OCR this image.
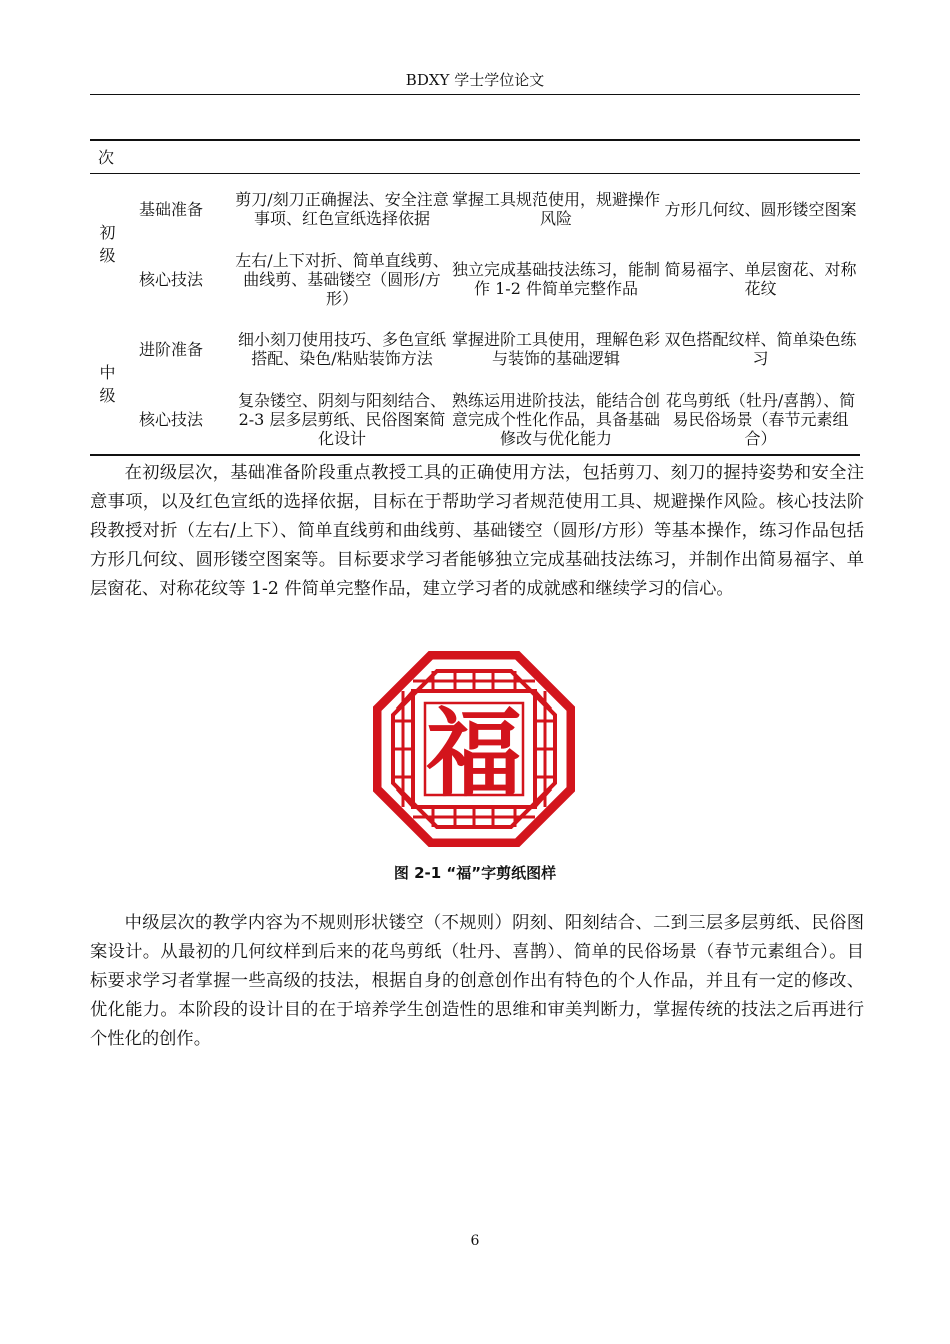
BDXY 学士学位论文
次				
初
级	基础准备	剪刀/刻刀正确握法、安全注意事项、红色宣纸选择依据	掌握工具规范使用，规避操作风险	方形几何纹、圆形镂空图案
	核心技法	左右/上下对折、简单直线剪、曲线剪、基础镂空（圆形/方形）	独立完成基础技法练习，能制作 1-2 件简单完整作品	简易福字、单层窗花、对称花纹
中
级	进阶准备	细小刻刀使用技巧、多色宣纸搭配、染色/粘贴装饰方法	掌握进阶工具使用，理解色彩与装饰的基础逻辑	双色搭配纹样、简单染色练习
	核心技法	复杂镂空、阴刻与阳刻结合、2-3 层多层剪纸、民俗图案简化设计	熟练运用进阶技法，能结合创意完成个性化作品，具备基础修改与优化能力	花鸟剪纸（牡丹/喜鹊）、简易民俗场景（春节元素组合）

在初级层次，基础准备阶段重点教授工具的正确使用方法，包括剪刀、刻刀的握持姿势和安全注意事项，以及红色宣纸的选择依据，目标在于帮助学习者规范使用工具、规避操作风险。核心技法阶段教授对折（左右/上下）、简单直线剪和曲线剪、基础镂空（圆形/方形）等基本操作，练习作品包括方形几何纹、圆形镂空图案等。目标要求学习者能够独立完成基础技法练习，并制作出简易福字、单层窗花、对称花纹等 1-2 件简单完整作品，建立学习者的成就感和继续学习的信心。

福
图 2-1 “福”字剪纸图样

中级层次的教学内容为不规则形状镂空（不规则）阴刻、阳刻结合、二到三层多层剪纸、民俗图案设计。从最初的几何纹样到后来的花鸟剪纸（牡丹、喜鹊）、简单的民俗场景（春节元素组合）。目标要求学习者掌握一些高级的技法，根据自身的创意创作出有特色的个人作品，并且有一定的修改、优化能力。本阶段的设计目的在于培养学生创造性的思维和审美判断力，掌握传统的技法之后再进行个性化的创作。

6
